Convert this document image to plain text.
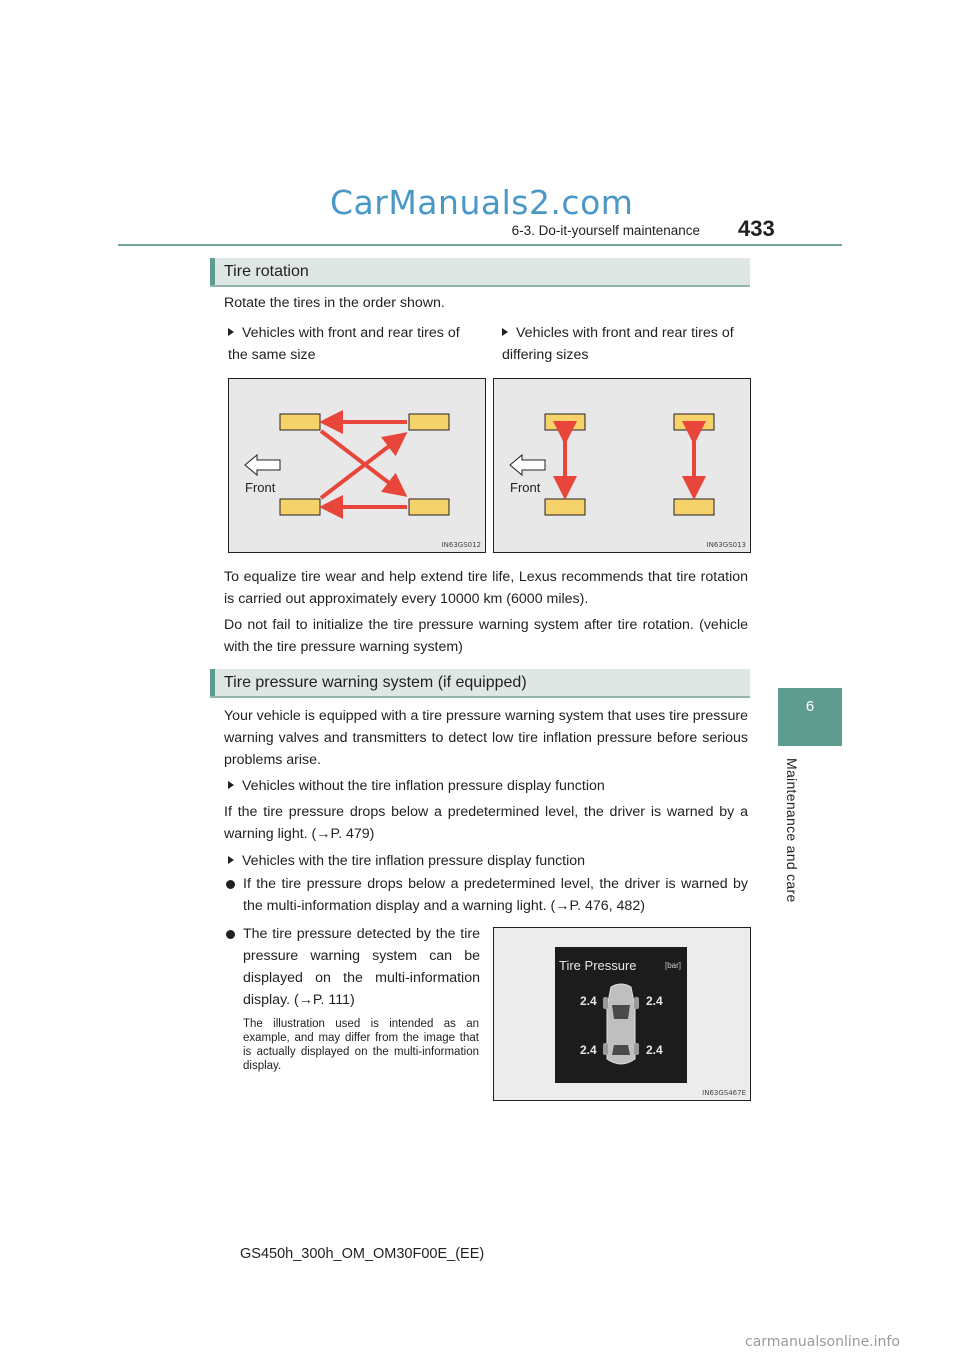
CarManuals2.com
433
6-3. Do-it-yourself maintenance
6
Maintenance and care
Tire rotation
Rotate the tires in the order shown.
Vehicles with front and rear tires of the same size
Vehicles with front and rear tires of differing sizes
Front
IN63GS012
Front
IN63GS013
To equalize tire wear and help extend tire life, Lexus recommends that tire rotation is carried out approximately every 10000 km (6000 miles).
Do not fail to initialize the tire pressure warning system after tire rotation. (vehicle with the tire pressure warning system)
Tire pressure warning system (if equipped)
Your vehicle is equipped with a tire pressure warning system that uses tire pressure warning valves and transmitters to detect low tire inflation pressure before serious problems arise.
Vehicles without the tire inflation pressure display function
If the tire pressure drops below a predetermined level, the driver is warned by a warning light. (→P. 479)
Vehicles with the tire inflation pressure display function
If the tire pressure drops below a predetermined level, the driver is warned by the multi-information display and a warning light. (→P. 476, 482)
The tire pressure detected by the tire pressure warning system can be displayed on the multi-information display. (→P. 111)
The illustration used is intended as an example, and may differ from the image that is actually displayed on the multi-information display.
Tire Pressure	[bar]
2.4	2.4
2.4	2.4
IN63GS467E
GS450h_300h_OM_OM30F00E_(EE)
carmanualsonline.info
